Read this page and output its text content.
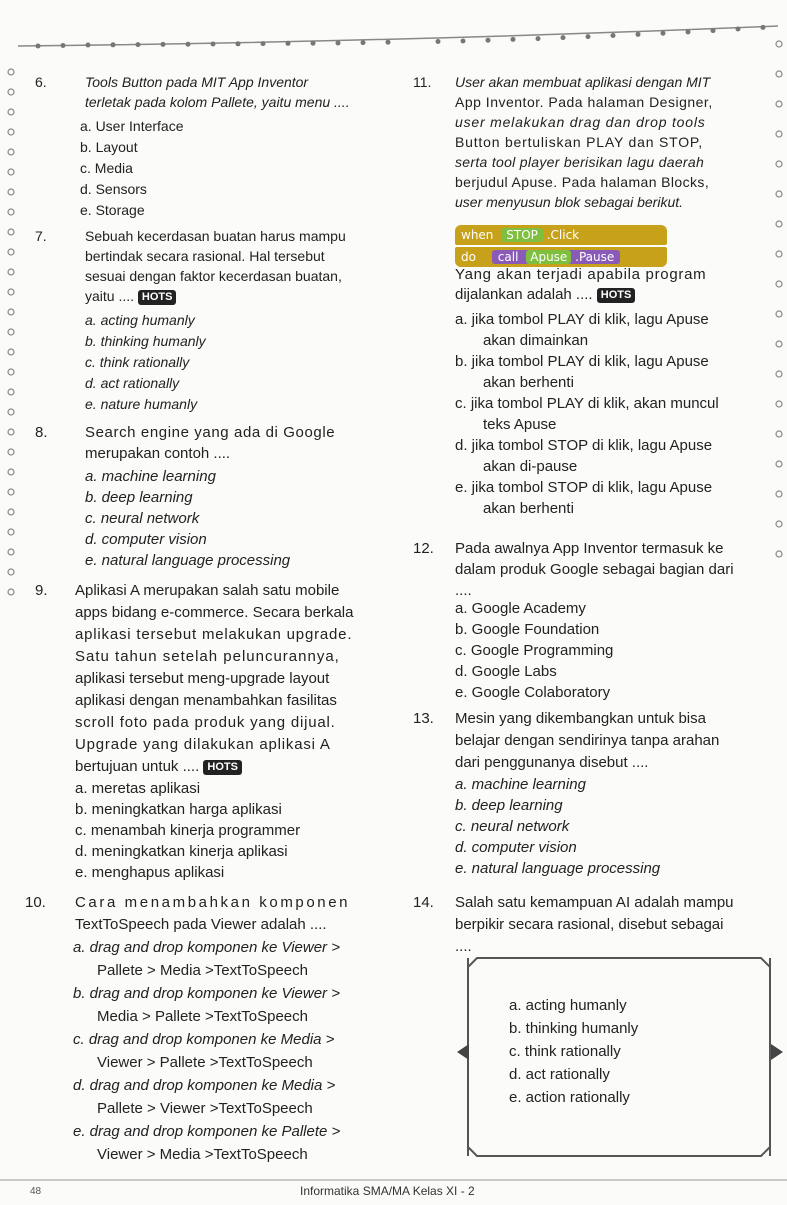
6.	Tools Button pada MIT App Inventor
terletak pada kolom Pallete, yaitu menu ....
a. User Interface
b. Layout
c. Media
d. Sensors
e. Storage
7.	Sebuah kecerdasan buatan harus mampu
bertindak secara rasional. Hal tersebut
sesuai dengan faktor kecerdasan buatan,
yaitu .... HOTS
a. acting humanly
b. thinking humanly
c. think rationally
d. act rationally
e. nature humanly
8. Search engine yang ada di Google
merupakan contoh ....
a. machine learning
b. deep learning
c. neural network
d. computer vision
e. natural language processing
9. Aplikasi A merupakan salah satu mobile
apps bidang e-commerce. Secara berkala
aplikasi tersebut melakukan upgrade.
Satu tahun setelah peluncurannya,
aplikasi tersebut meng-upgrade layout
aplikasi dengan menambahkan fasilitas
scroll foto pada produk yang dijual.
Upgrade yang dilakukan aplikasi A
bertujuan untuk .... HOTS
a. meretas aplikasi
b. meningkatkan harga aplikasi
c. menambah kinerja programmer
d. meningkatkan kinerja aplikasi
e. menghapus aplikasi
10. Cara menambahkan komponen
TextToSpeech pada Viewer adalah ....
a. drag and drop komponen ke Viewer >
Pallete > Media >TextToSpeech
b. drag and drop komponen ke Viewer >
Media > Pallete >TextToSpeech
c. drag and drop komponen ke Media >
Viewer > Pallete >TextToSpeech
d. drag and drop komponen ke Media >
Pallete > Viewer >TextToSpeech
e. drag and drop komponen ke Pallete >
Viewer > Media >TextToSpeech
11. User akan membuat aplikasi dengan MIT
App Inventor. Pada halaman Designer,
user melakukan drag dan drop tools
Button bertuliskan PLAY dan STOP,
serta tool player berisikan lagu daerah
berjudul Apuse. Pada halaman Blocks,
user menyusun blok sebagai berikut.
when STOP .Click
do call Apuse .Pause
Yang akan terjadi apabila program
dijalankan adalah .... HOTS
a. jika tombol PLAY di klik, lagu Apuse
akan dimainkan
b. jika tombol PLAY di klik, lagu Apuse
akan berhenti
c. jika tombol PLAY di klik, akan muncul
teks Apuse
d. jika tombol STOP di klik, lagu Apuse
akan di-pause
e. jika tombol STOP di klik, lagu Apuse
akan berhenti
12. Pada awalnya App Inventor termasuk ke
dalam produk Google sebagai bagian dari
....
a. Google Academy
b. Google Foundation
c. Google Programming
d. Google Labs
e. Google Colaboratory
13. Mesin yang dikembangkan untuk bisa
belajar dengan sendirinya tanpa arahan
dari penggunanya disebut ....
a. machine learning
b. deep learning
c. neural network
d. computer vision
e. natural language processing
14. Salah satu kemampuan AI adalah mampu
berpikir secara rasional, disebut sebagai
....
a. acting humanly
b. thinking humanly
c. think rationally
d. act rationally
e. action rationally
48	Informatika SMA/MA Kelas XI - 2
